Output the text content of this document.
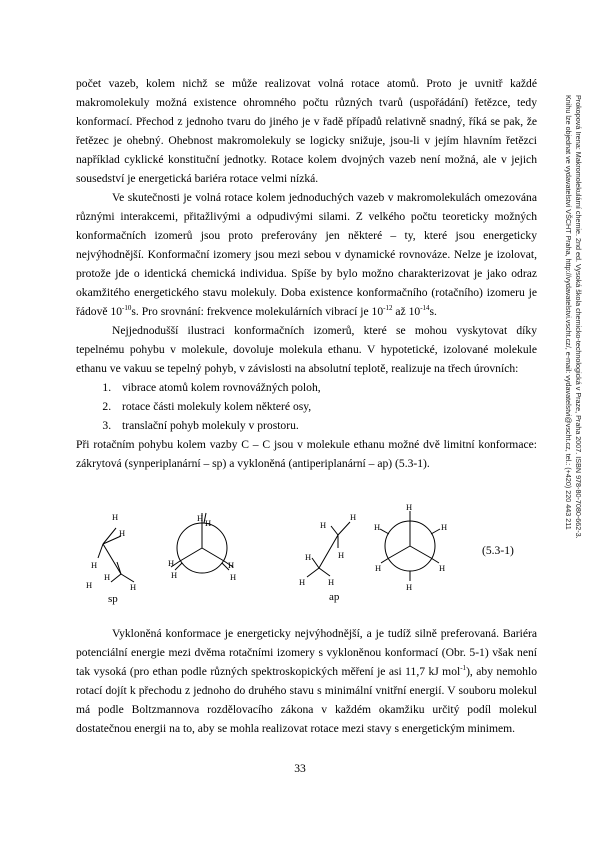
Prokopová Irena: Makromolekulární chemie. 2nd ed. Vysoká škola chemicko-technologická v Praze, Praha 2007. ISBN 978-80-7080-662-3.
Knihu lze objednat ve vydavatelství VŠCHT Praha, http://vydavatelstvi.vscht.cz/, e-mail: vydavatelstvi@vscht.cz, tel.: (+420) 220 443 211

počet vazeb, kolem nichž se může realizovat volná rotace atomů. Proto je uvnitř každé makromolekuly možná existence ohromného počtu různých tvarů (uspořádání) řetězce, tedy konformací. Přechod z jednoho tvaru do jiného je v řadě případů relativně snadný, říká se pak, že řetězec je ohebný. Ohebnost makromolekuly se logicky snižuje, jsou-li v jejím hlavním řetězci například cyklické konstituční jednotky. Rotace kolem dvojných vazeb není možná, ale v jejich sousedství je energetická bariéra rotace velmi nízká.

Ve skutečnosti je volná rotace kolem jednoduchých vazeb v makromolekulách omezována různými interakcemi, přitažlivými a odpudivými silami. Z velkého počtu teoreticky možných konformačních izomerů jsou proto preferovány jen některé – ty, které jsou energeticky nejvýhodnější. Konformační izomery jsou mezi sebou v dynamické rovnováze. Nelze je izolovat, protože jde o identická chemická individua. Spíše by bylo možno charakterizovat je jako odraz okamžitého energetického stavu molekuly. Doba existence konformačního (rotačního) izomeru je řádově $10^{-10}s$. Pro srovnání: frekvence molekulárních vibrací je $10^{-12}$ až $10^{-14}s$.

Nejjednodušší ilustraci konformačních izomerů, které se mohou vyskytovat díky tepelnému pohybu v molekule, dovoluje molekula ethanu. V hypotetické, izolované molekule ethanu ve vakuu se tepelný pohyb, v závislosti na absolutní teplotě, realizuje na třech úrovních:

1. vibrace atomů kolem rovnovážných poloh,
2. rotace části molekuly kolem některé osy,
3. translační pohyb molekuly v prostoru.

Při rotačním pohybu kolem vazby C – C jsou v molekule ethanu možné dvě limitní konformace: zákrytová (synperiplanární – sp) a vykloněná (antiperiplanární – ap) (5.3-1).

H
H
H
H
H
H
H H
H
H
H
H
H
H
H
H
H	H
H
H	H
H	H
H
sp	ap
(5.3-1)

Vykloněná konformace je energeticky nejvýhodnější, a je tudíž silně preferovaná. Bariéra potenciální energie mezi dvěma rotačními izomery s vykloněnou konformací (Obr. 5-1) však není tak vysoká (pro ethan podle různých spektroskopických měření je asi 11,7 kJ mol$^{-1}$), aby nemohlo rotací dojít k přechodu z jednoho do druhého stavu s minimální vnitřní energií. V souboru molekul má podle Boltzmannova rozdělovacího zákona v každém okamžiku určitý podíl molekul dostatečnou energii na to, aby se mohla realizovat rotace mezi stavy s energetickým minimem.

33
